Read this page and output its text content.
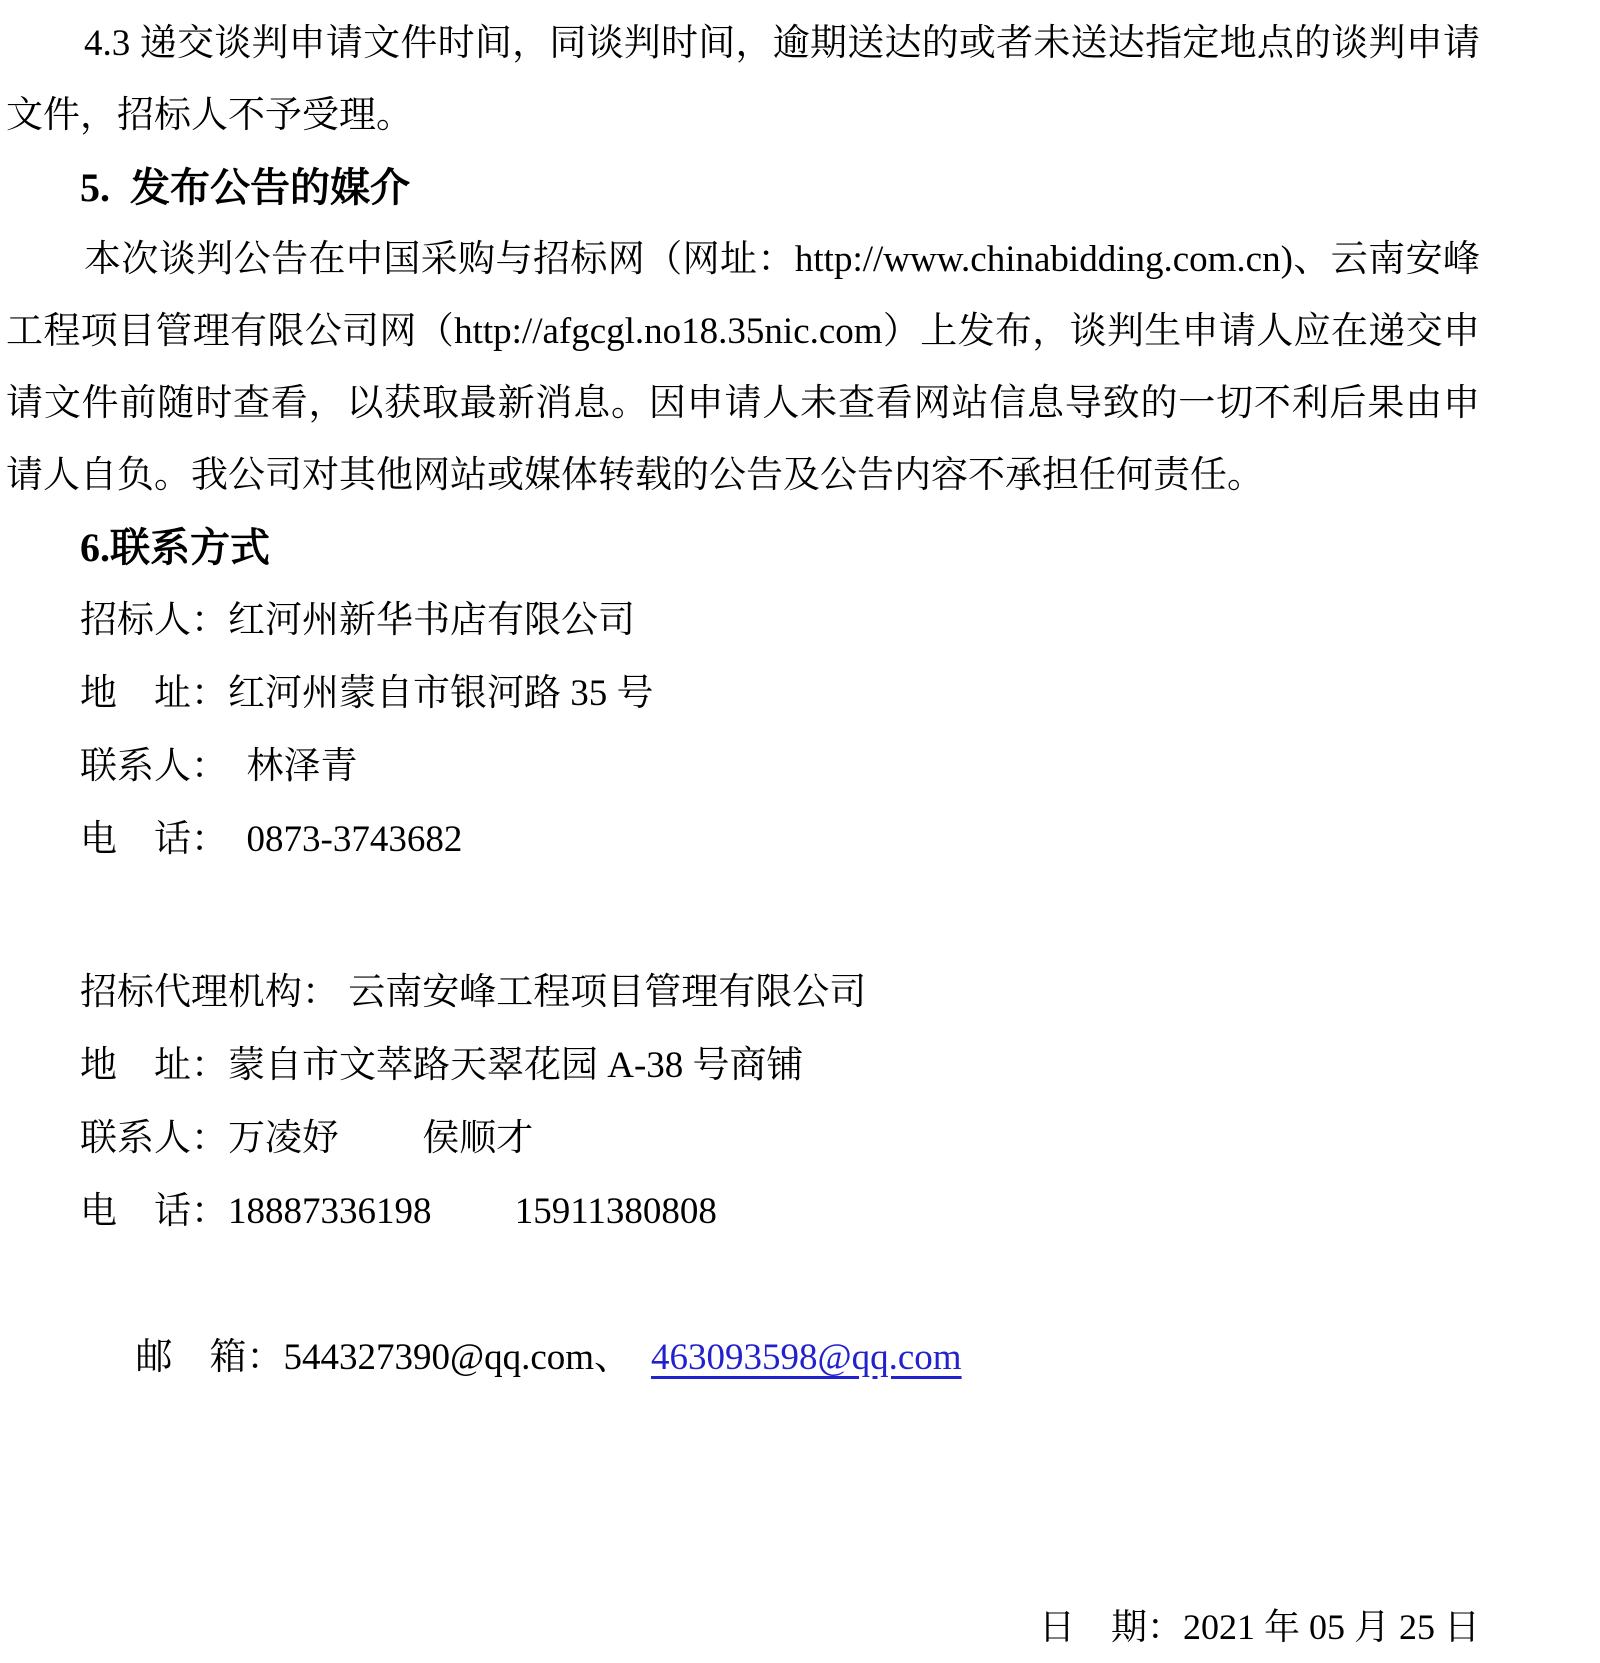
4.3 递交谈判申请文件时间，同谈判时间，逾期送达的或者未送达指定地点的谈判申请文件，招标人不予受理。

5.  发布公告的媒介

本次谈判公告在中国采购与招标网（网址：http://www.chinabidding.com.cn)、云南安峰工程项目管理有限公司网（http://afgcgl.no18.35nic.com）上发布，谈判生申请人应在递交申请文件前随时查看，以获取最新消息。因申请人未查看网站信息导致的一切不利后果由申请人自负。我公司对其他网站或媒体转载的公告及公告内容不承担任何责任。

6.联系方式

招标人：红河州新华书店有限公司

地　址：红河州蒙自市银河路 35 号

联系人：　林泽青

电　话：　0873-3743682

招标代理机构： 云南安峰工程项目管理有限公司

地　址：蒙自市文萃路天翠花园 A-38 号商铺

联系人：万凌妤　　 侯顺才

电　话：18887336198　　 15911380808

邮　箱：544327390@qq.com、 463093598@qq.com

日　期：2021 年 05 月 25 日
